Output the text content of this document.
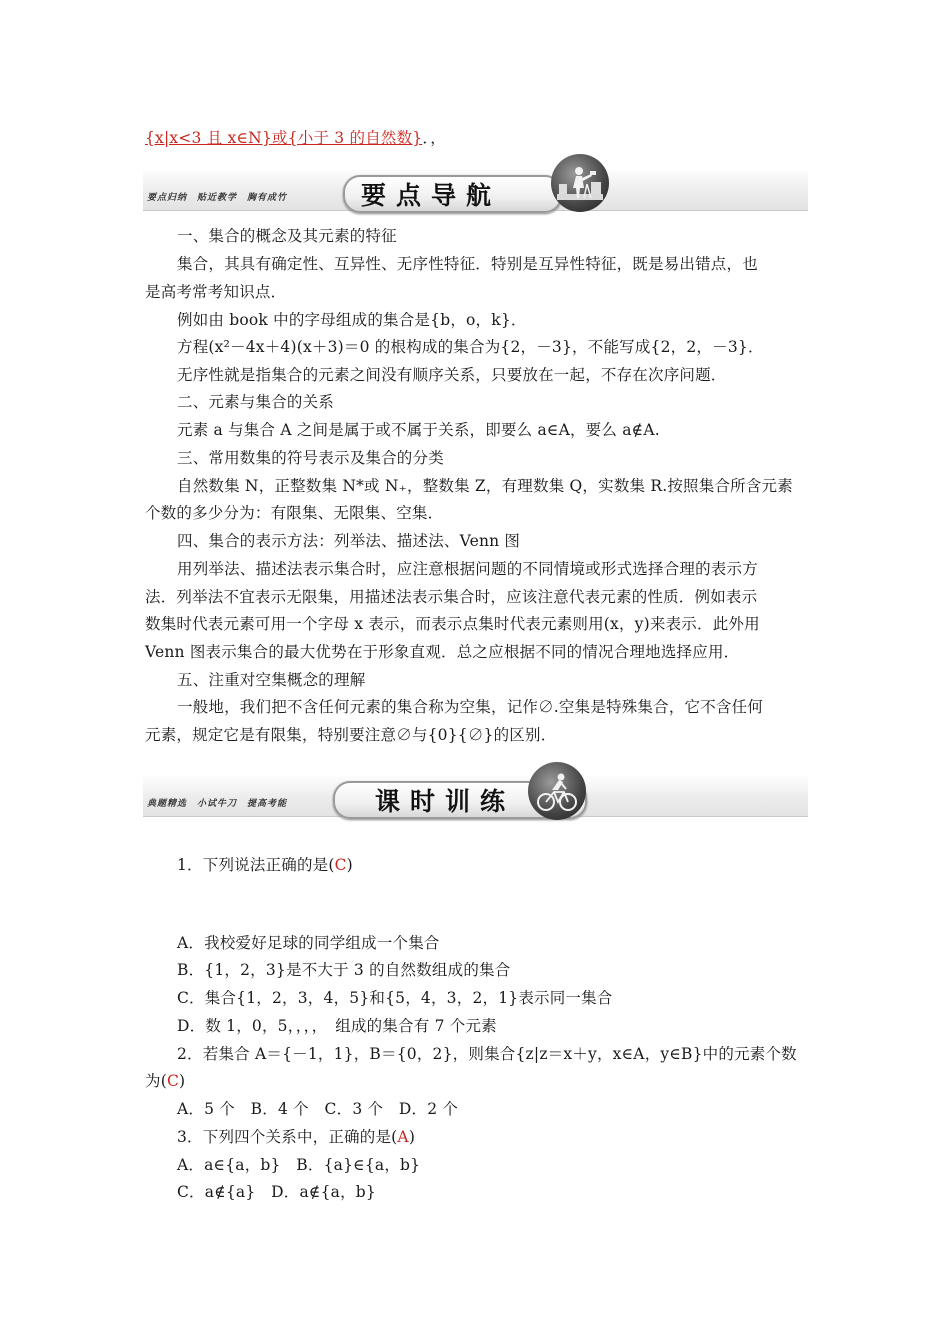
{x|x<3 且 x∈N}或{小于 3 的自然数}．，
要点归纳　贴近教学　胸有成竹	要点导航
一、集合的概念及其元素的特征
集合，其具有确定性、互异性、无序性特征．特别是互异性特征，既是易出错点，也
是高考常考知识点．
例如由 book 中的字母组成的集合是{b，o，k}．
方程(x²－4x＋4)(x＋3)＝0 的根构成的集合为{2，－3}，不能写成{2，2，－3}．
无序性就是指集合的元素之间没有顺序关系，只要放在一起，不存在次序问题．
二、元素与集合的关系
元素 a 与集合 A 之间是属于或不属于关系，即要么 a∈A，要么 a∉A.
三、常用数集的符号表示及集合的分类
自然数集 N，正整数集 N*或 N₊，整数集 Z，有理数集 Q，实数集 R.按照集合所含元素
个数的多少分为：有限集、无限集、空集．
四、集合的表示方法：列举法、描述法、Venn 图
用列举法、描述法表示集合时，应注意根据问题的不同情境或形式选择合理的表示方
法．列举法不宜表示无限集，用描述法表示集合时，应该注意代表元素的性质．例如表示
数集时代表元素可用一个字母 x 表示，而表示点集时代表元素则用(x，y)来表示．此外用
Venn 图表示集合的最大优势在于形象直观．总之应根据不同的情况合理地选择应用．
五、注重对空集概念的理解
一般地，我们把不含任何元素的集合称为空集，记作∅.空集是特殊集合，它不含任何
元素，规定它是有限集，特别要注意∅与{0}{∅}的区别．
典题精选　小试牛刀　提高考能	课时训练
1．下列说法正确的是(C)
A．我校爱好足球的同学组成一个集合
B．{1，2，3}是不大于 3 的自然数组成的集合
C．集合{1，2，3，4，5}和{5，4，3，2，1}表示同一集合
D．数 1，0，5，，，，　组成的集合有 7 个元素
2．若集合 A＝{－1，1}，B＝{0，2}，则集合{z|z＝x＋y，x∈A，y∈B}中的元素个数
为(C)
A．5 个　B．4 个　C．3 个　D．2 个
3．下列四个关系中，正确的是(A)
A．a∈{a，b}　B．{a}∈{a，b}
C．a∉{a}　D．a∉{a，b}
